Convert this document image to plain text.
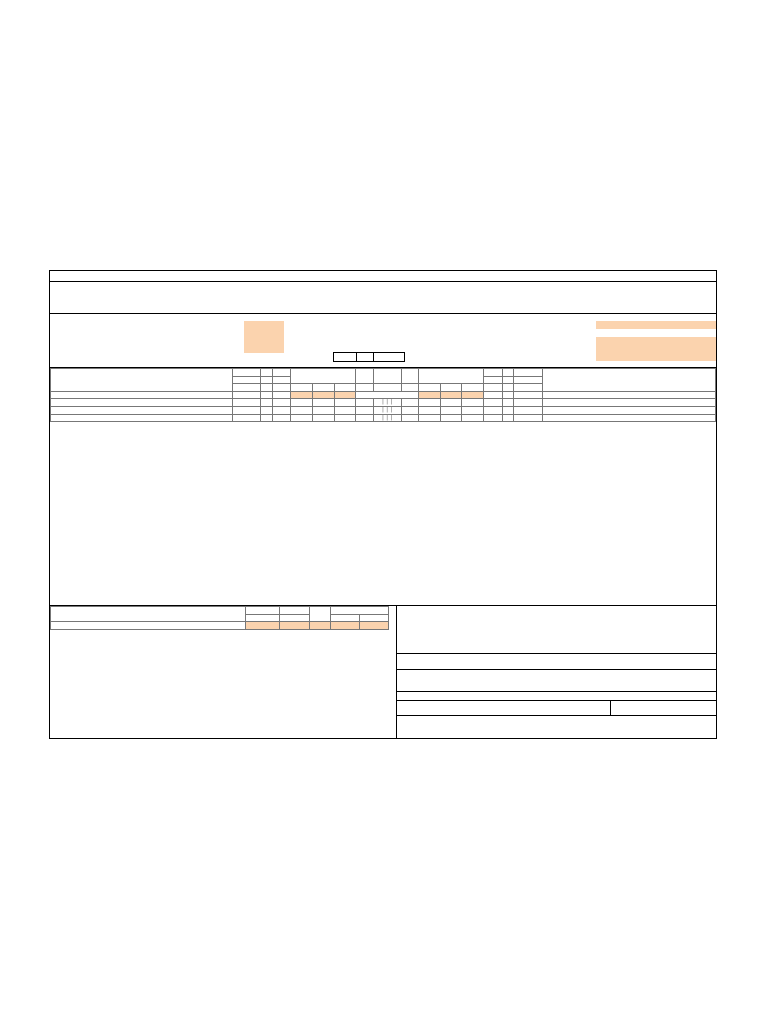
								│ │ │								
								│ │ │								
								│ │ │								
